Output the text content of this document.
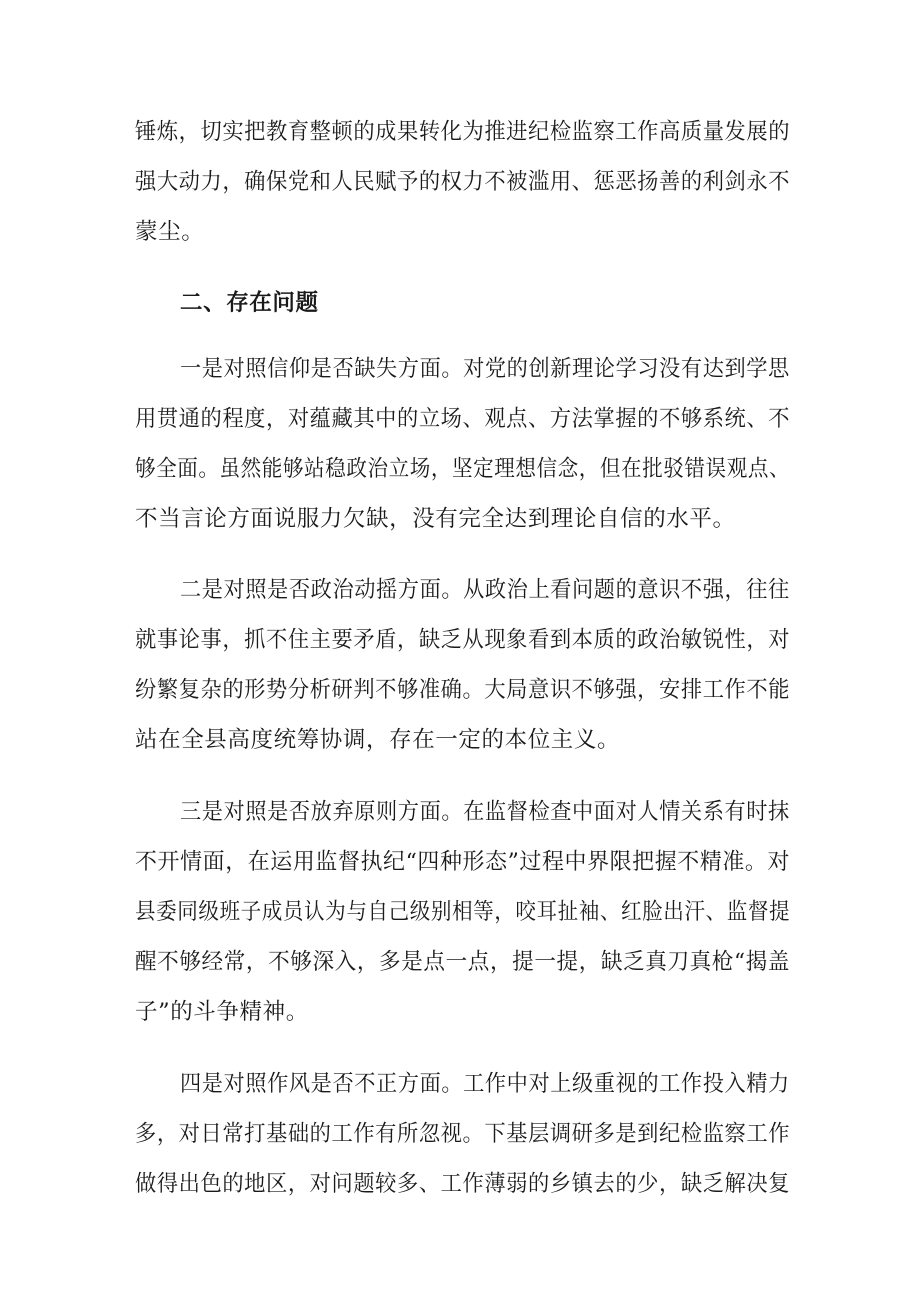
锤炼，切实把教育整顿的成果转化为推进纪检监察工作高质量发展的
强大动力，确保党和人民赋予的权力不被滥用、惩恶扬善的利剑永不
蒙尘。
二、存在问题
一是对照信仰是否缺失方面。对党的创新理论学习没有达到学思
用贯通的程度，对蕴藏其中的立场、观点、方法掌握的不够系统、不
够全面。虽然能够站稳政治立场，坚定理想信念，但在批驳错误观点、
不当言论方面说服力欠缺，没有完全达到理论自信的水平。
二是对照是否政治动摇方面。从政治上看问题的意识不强，往往
就事论事，抓不住主要矛盾，缺乏从现象看到本质的政治敏锐性，对
纷繁复杂的形势分析研判不够准确。大局意识不够强，安排工作不能
站在全县高度统筹协调，存在一定的本位主义。
三是对照是否放弃原则方面。在监督检查中面对人情关系有时抹
不开情面，在运用监督执纪“四种形态”过程中界限把握不精准。对
县委同级班子成员认为与自己级别相等，咬耳扯袖、红脸出汗、监督提
醒不够经常，不够深入，多是点一点，提一提，缺乏真刀真枪“揭盖
子”的斗争精神。
四是对照作风是否不正方面。工作中对上级重视的工作投入精力
多，对日常打基础的工作有所忽视。下基层调研多是到纪检监察工作
做得出色的地区，对问题较多、工作薄弱的乡镇去的少，缺乏解决复
